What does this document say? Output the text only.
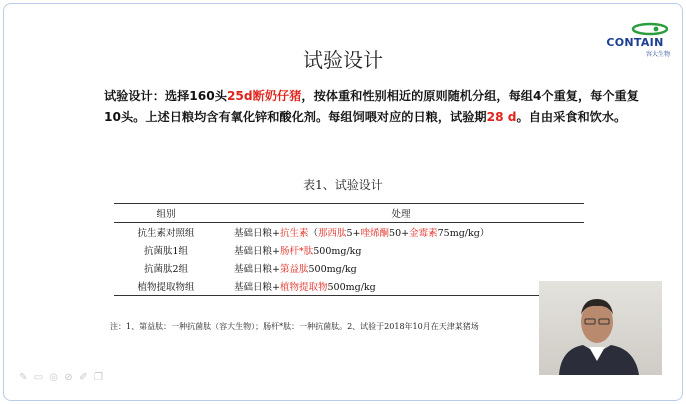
CONTAIN
容大生物
试验设计
试验设计：选择160头25d断奶仔猪，按体重和性别相近的原则随机分组，每组4个重复，每个重复10头。上述日粮均含有氧化锌和酸化剂。每组饲喂对应的日粮，试验期28 d。自由采食和饮水。
表1、试验设计
组别	处理
抗生素对照组	基础日粮+抗生素（那西肽5+喹烯酮50+金霉素75mg/kg）
抗菌肽1组	基础日粮+肠杆*肽500mg/kg
抗菌肽2组	基础日粮+第益肽500mg/kg
植物提取物组	基础日粮+植物提取物500mg/kg
注：1、第益肽：一种抗菌肽（容大生物）；肠杆*肽：一种抗菌肽。2、试验于2018年10月在天津某猪场
✎ ▭ ◎ ⊘ ✐ ❐
